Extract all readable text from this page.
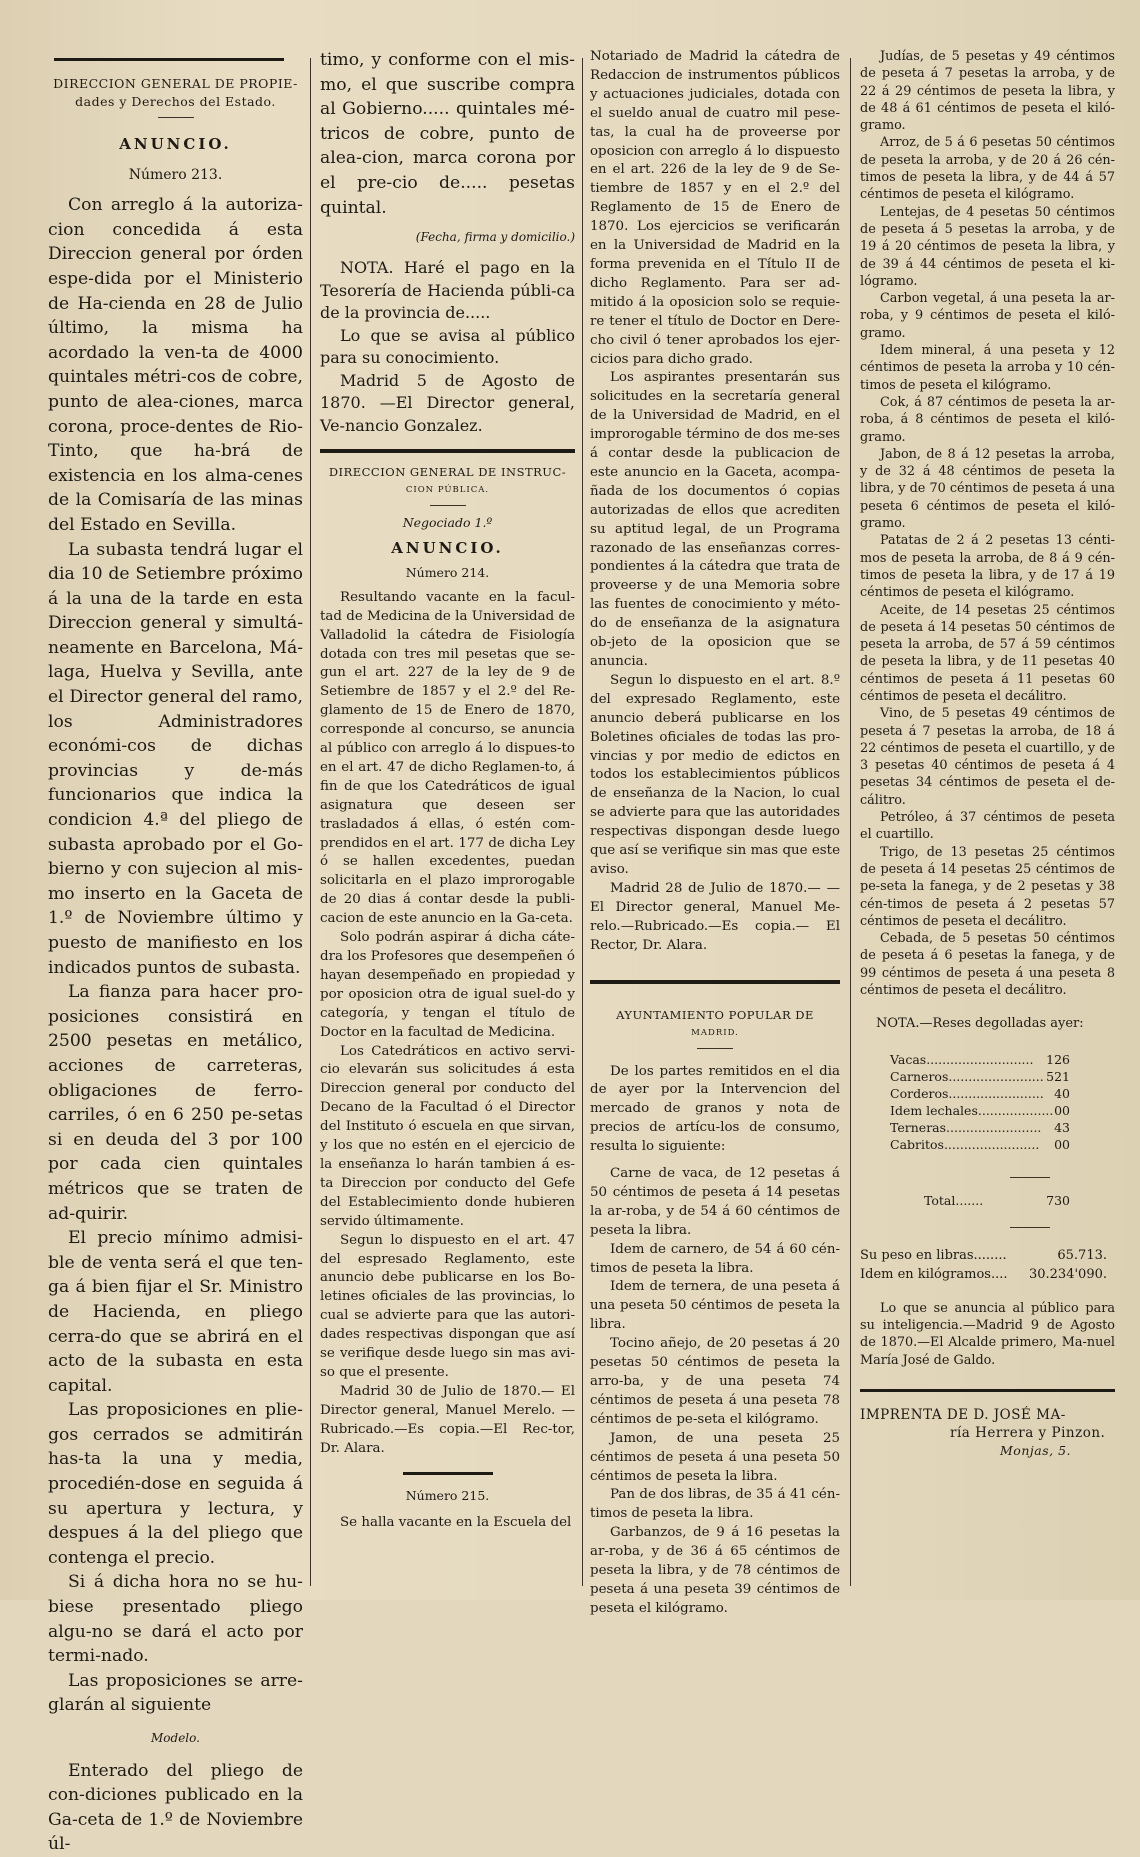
DIRECCION GENERAL DE PROPIE-
dades y Derechos del Estado.
ANUNCIO.
Número 213.

Con arreglo á la autoriza-cion concedida á esta Direccion general por órden espe-dida por el Ministerio de Ha-cienda en 28 de Julio último, la misma ha acordado la ven-ta de 4000 quintales métri-cos de cobre, punto de alea-ciones, marca corona, proce-dentes de Rio-Tinto, que ha-brá de existencia en los alma-cenes de la Comisaría de las minas del Estado en Sevilla.

La subasta tendrá lugar el dia 10 de Setiembre próximo á la una de la tarde en esta Direccion general y simultá-neamente en Barcelona, Má-laga, Huelva y Sevilla, ante el Director general del ramo, los Administradores económi-cos de dichas provincias y de-más funcionarios que indica la condicion 4.ª del pliego de subasta aprobado por el Go-bierno y con sujecion al mis-mo inserto en la Gaceta de 1.º de Noviembre último y puesto de manifiesto en los indicados puntos de subasta.

La fianza para hacer pro-posiciones consistirá en 2500 pesetas en metálico, acciones de carreteras, obligaciones de ferro-carriles, ó en 6 250 pe-setas si en deuda del 3 por 100 por cada cien quintales métricos que se traten de ad-quirir.

El precio mínimo admisi-ble de venta será el que ten-ga á bien fijar el Sr. Ministro de Hacienda, en pliego cerra-do que se abrirá en el acto de la subasta en esta capital.

Las proposiciones en plie-gos cerrados se admitirán has-ta la una y media, procedién-dose en seguida á su apertura y lectura, y despues á la del pliego que contenga el precio.

Si á dicha hora no se hu-biese presentado pliego algu-no se dará el acto por termi-nado.

Las proposiciones se arre-glarán al siguiente

Modelo.

Enterado del pliego de con-diciones publicado en la Ga-ceta de 1.º de Noviembre úl-

timo, y conforme con el mis-mo, el que suscribe compra al Gobierno..... quintales mé-tricos de cobre, punto de alea-cion, marca corona por el pre-cio de..... pesetas quintal.

(Fecha, firma y domicilio.)

NOTA. Haré el pago en la Tesorería de Hacienda públi-ca de la provincia de.....

Lo que se avisa al público para su conocimiento.

Madrid 5 de Agosto de 1870. —El Director general, Ve-nancio Gonzalez.

DIRECCION GENERAL DE INSTRUC-
CION PÚBLICA.
Negociado 1.º
ANUNCIO.
Número 214.

Resultando vacante en la facul-tad de Medicina de la Universidad de Valladolid la cátedra de Fisiología dotada con tres mil pesetas que se-gun el art. 227 de la ley de 9 de Setiembre de 1857 y el 2.º del Re-glamento de 15 de Enero de 1870, corresponde al concurso, se anuncia al público con arreglo á lo dispues-to en el art. 47 de dicho Reglamen-to, á fin de que los Catedráticos de igual asignatura que deseen ser trasladados á ellas, ó estén com-prendidos en el art. 177 de dicha Ley ó se hallen excedentes, puedan solicitarla en el plazo improrogable de 20 dias á contar desde la publi-cacion de este anuncio en la Ga-ceta.

Solo podrán aspirar á dicha cáte-dra los Profesores que desempeñen ó hayan desempeñado en propiedad y por oposicion otra de igual suel-do y categoría, y tengan el título de Doctor en la facultad de Medicina.

Los Catedráticos en activo servi-cio elevarán sus solicitudes á esta Direccion general por conducto del Decano de la Facultad ó el Director del Instituto ó escuela en que sirvan, y los que no estén en el ejercicio de la enseñanza lo harán tambien á es-ta Direccion por conducto del Gefe del Establecimiento donde hubieren servido últimamente.

Segun lo dispuesto en el art. 47 del espresado Reglamento, este anuncio debe publicarse en los Bo-letines oficiales de las provincias, lo cual se advierte para que las autori-dades respectivas dispongan que así se verifique desde luego sin mas avi-so que el presente.

Madrid 30 de Julio de 1870.— El Director general, Manuel Merelo. —Rubricado.—Es copia.—El Rec-tor, Dr. Alara.

Número 215.

Se halla vacante en la Escuela del

Notariado de Madrid la cátedra de Redaccion de instrumentos públicos y actuaciones judiciales, dotada con el sueldo anual de cuatro mil pese-tas, la cual ha de proveerse por oposicion con arreglo á lo dispuesto en el art. 226 de la ley de 9 de Se-tiembre de 1857 y en el 2.º del Reglamento de 15 de Enero de 1870. Los ejercicios se verificarán en la Universidad de Madrid en la forma prevenida en el Título II de dicho Reglamento. Para ser ad-mitido á la oposicion solo se requie-re tener el título de Doctor en Dere-cho civil ó tener aprobados los ejer-cicios para dicho grado.

Los aspirantes presentarán sus solicitudes en la secretaría general de la Universidad de Madrid, en el improrogable término de dos me-ses á contar desde la publicacion de este anuncio en la Gaceta, acompa-ñada de los documentos ó copias autorizadas de ellos que acrediten su aptitud legal, de un Programa razonado de las enseñanzas corres-pondientes á la cátedra que trata de proveerse y de una Memoria sobre las fuentes de conocimiento y méto-do de enseñanza de la asignatura ob-jeto de la oposicion que se anuncia.

Segun lo dispuesto en el art. 8.º del expresado Reglamento, este anuncio deberá publicarse en los Boletines oficiales de todas las pro-vincias y por medio de edictos en todos los establecimientos públicos de enseñanza de la Nacion, lo cual se advierte para que las autoridades respectivas dispongan desde luego que así se verifique sin mas que este aviso.

Madrid 28 de Julio de 1870.— —El Director general, Manuel Me-relo.—Rubricado.—Es copia.— El Rector, Dr. Alara.

AYUNTAMIENTO POPULAR DE
MADRID.

De los partes remitidos en el dia de ayer por la Intervencion del mercado de granos y nota de precios de artícu-los de consumo, resulta lo siguiente:

Carne de vaca, de 12 pesetas á 50 céntimos de peseta á 14 pesetas la ar-roba, y de 54 á 60 céntimos de peseta la libra.

Idem de carnero, de 54 á 60 cén-timos de peseta la libra.

Idem de ternera, de una peseta á una peseta 50 céntimos de peseta la libra.

Tocino añejo, de 20 pesetas á 20 pesetas 50 céntimos de peseta la arro-ba, y de una peseta 74 céntimos de peseta á una peseta 78 céntimos de pe-seta el kilógramo.

Jamon, de una peseta 25 céntimos de peseta á una peseta 50 céntimos de peseta la libra.

Pan de dos libras, de 35 á 41 cén-timos de peseta la libra.

Garbanzos, de 9 á 16 pesetas la ar-roba, y de 36 á 65 céntimos de peseta la libra, y de 78 céntimos de peseta á una peseta 39 céntimos de peseta el kilógramo.

Judías, de 5 pesetas y 49 céntimos de peseta á 7 pesetas la arroba, y de 22 á 29 céntimos de peseta la libra, y de 48 á 61 céntimos de peseta el kiló-gramo.

Arroz, de 5 á 6 pesetas 50 céntimos de peseta la arroba, y de 20 á 26 cén-timos de peseta la libra, y de 44 á 57 céntimos de peseta el kilógramo.

Lentejas, de 4 pesetas 50 céntimos de peseta á 5 pesetas la arroba, y de 19 á 20 céntimos de peseta la libra, y de 39 á 44 céntimos de peseta el ki-lógramo.

Carbon vegetal, á una peseta la ar-roba, y 9 céntimos de peseta el kiló-gramo.

Idem mineral, á una peseta y 12 céntimos de peseta la arroba y 10 cén-timos de peseta el kilógramo.

Cok, á 87 céntimos de peseta la ar-roba, á 8 céntimos de peseta el kiló-gramo.

Jabon, de 8 á 12 pesetas la arroba, y de 32 á 48 céntimos de peseta la libra, y de 70 céntimos de peseta á una peseta 6 céntimos de peseta el kiló-gramo.

Patatas de 2 á 2 pesetas 13 cénti-mos de peseta la arroba, de 8 á 9 cén-timos de peseta la libra, y de 17 á 19 céntimos de peseta el kilógramo.

Aceite, de 14 pesetas 25 céntimos de peseta á 14 pesetas 50 céntimos de peseta la arroba, de 57 á 59 céntimos de peseta la libra, y de 11 pesetas 40 céntimos de peseta á 11 pesetas 60 céntimos de peseta el decálitro.

Vino, de 5 pesetas 49 céntimos de peseta á 7 pesetas la arroba, de 18 á 22 céntimos de peseta el cuartillo, y de 3 pesetas 40 céntimos de peseta á 4 pesetas 34 céntimos de peseta el de-cálitro.

Petróleo, á 37 céntimos de peseta el cuartillo.

Trigo, de 13 pesetas 25 céntimos de peseta á 14 pesetas 25 céntimos de pe-seta la fanega, y de 2 pesetas y 38 cén-timos de peseta á 2 pesetas 57 céntimos de peseta el decálitro.

Cebada, de 5 pesetas 50 céntimos de peseta á 6 pesetas la fanega, y de 99 céntimos de peseta á una peseta 8 céntimos de peseta el decálitro.

NOTA.—Reses degolladas ayer:
Vacas...........................	126
Carneros........................ 521
Corderos........................ 40
Idem lechales................... 00
Terneras........................	43
Cabritos........................	00
Total.......	730
Su peso en libras........	65.713.
Idem en kilógramos.... 30.234'090.

Lo que se anuncia al público para su inteligencia.—Madrid 9 de Agosto de 1870.—El Alcalde primero, Ma-nuel María José de Galdo.

IMPRENTA DE D. JOSÉ MA-
ría Herrera y Pinzon.
Monjas, 5.
